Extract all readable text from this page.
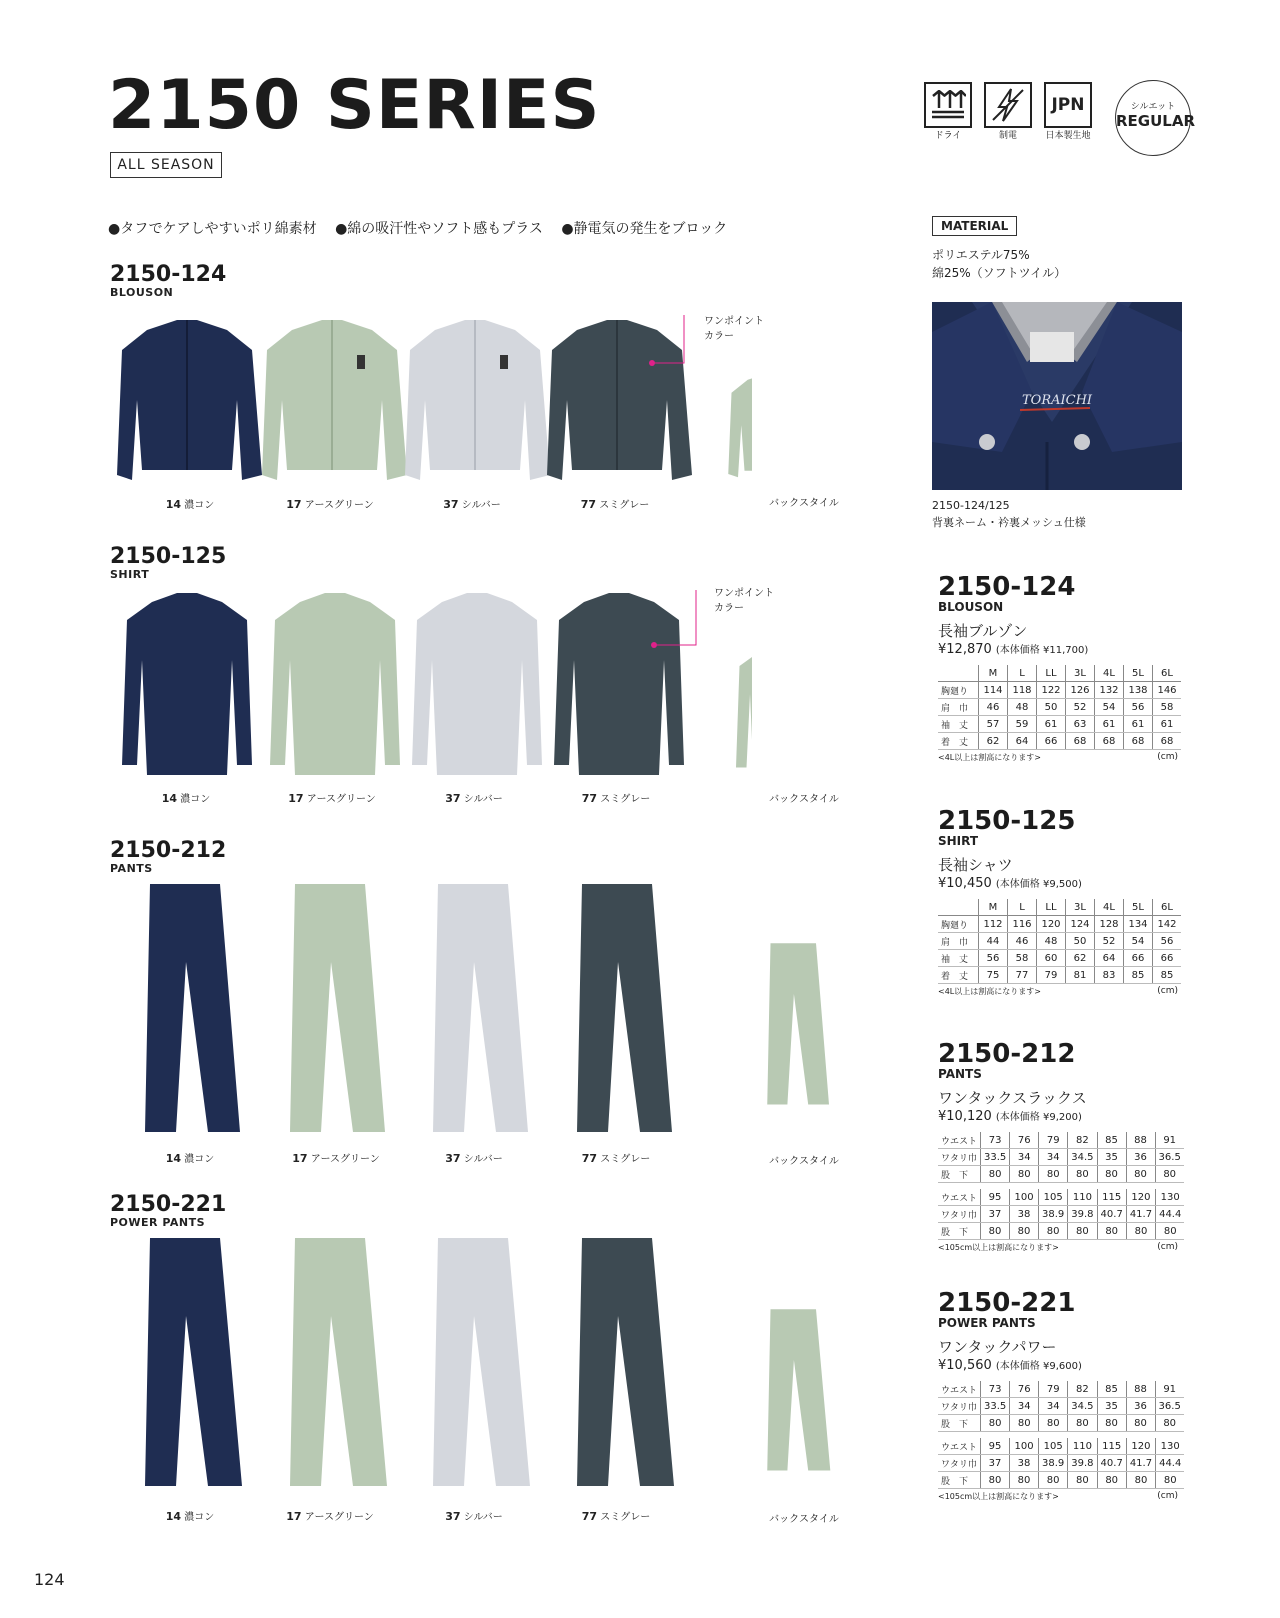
2150 SERIES
ALL SEASON
ドライ	制電
JPN
日本製生地
シルエット
REGULAR
●タフでケアしやすいポリ綿素材 ●綿の吸汗性やソフト感もプラス ●静電気の発生をブロック	MATERIAL
ポリエステル75%
綿25%（ソフトツイル）
TORAICHI
2150-124/125
背裏ネーム・衿裏メッシュ仕様
2150-124
BLOUSON
ワンポイント
カラー
14 濃コン	17 アースグリーン	37 シルバー	77 スミグレー	バックスタイル
2150-125
SHIRT
ワンポイント
カラー
14 濃コン	17 アースグリーン	37 シルバー	77 スミグレー	バックスタイル
2150-212
PANTS
14 濃コン	17 アースグリーン	37 シルバー	77 スミグレー	バックスタイル
2150-221
POWER PANTS
14 濃コン	17 アースグリーン	37 シルバー	77 スミグレー	バックスタイル
2150-124
BLOUSON
長袖ブルゾン
¥12,870 (本体価格 ¥11,700)
	M	L	LL	3L	4L	5L	6L
胸廻り	114	118	122	126	132	138	146
肩　巾	46	48	50	52	54	56	58
袖　丈	57	59	61	63	61	61	61
着　丈	62	64	66	68	68	68	68
<4L以上は割高になります>	(cm)
2150-125
SHIRT
長袖シャツ
¥10,450 (本体価格 ¥9,500)
	M	L	LL	3L	4L	5L	6L
胸廻り	112	116	120	124	128	134	142
肩　巾	44	46	48	50	52	54	56
袖　丈	56	58	60	62	64	66	66
着　丈	75	77	79	81	83	85	85
<4L以上は割高になります>	(cm)
2150-212
PANTS
ワンタックスラックス
¥10,120 (本体価格 ¥9,200)
ウエスト	73	76	79	82	85	88	91
ワタリ巾	33.5	34	34	34.5	35	36	36.5
股　下	80	80	80	80	80	80	80
ウエスト	95	100	105	110	115	120	130
ワタリ巾	37	38	38.9	39.8	40.7	41.7	44.4
股　下	80	80	80	80	80	80	80
<105cm以上は割高になります>	(cm)
2150-221
POWER PANTS
ワンタックパワー
¥10,560 (本体価格 ¥9,600)
ウエスト	73	76	79	82	85	88	91
ワタリ巾	33.5	34	34	34.5	35	36	36.5
股　下	80	80	80	80	80	80	80
ウエスト	95	100	105	110	115	120	130
ワタリ巾	37	38	38.9	39.8	40.7	41.7	44.4
股　下	80	80	80	80	80	80	80
<105cm以上は割高になります>	(cm)
124
